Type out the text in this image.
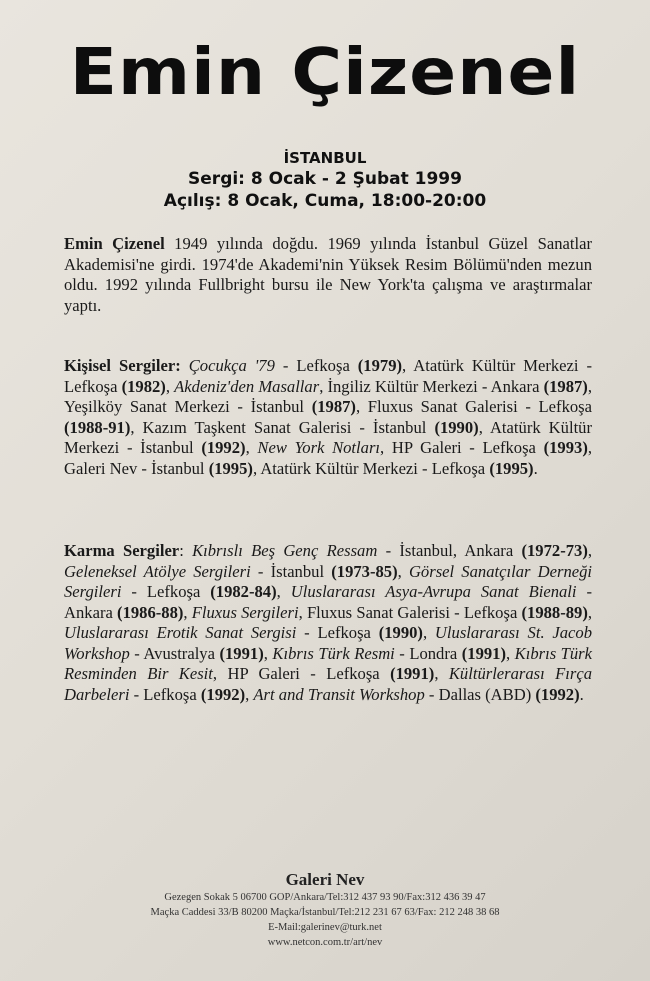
Emin Çizenel
İSTANBUL
Sergi: 8 Ocak - 2 Şubat 1999
Açılış: 8 Ocak, Cuma, 18:00-20:00
Emin Çizenel 1949 yılında doğdu. 1969 yılında İstanbul Güzel Sanatlar Akademisi'ne girdi. 1974'de Akademi'nin Yüksek Resim Bölümü'nden mezun oldu. 1992 yılında Fullbright bursu ile New York'ta çalışma ve araştırmalar yaptı.
Kişisel Sergiler: Çocukça '79 - Lefkoşa (1979), Atatürk Kültür Merkezi - Lefkoşa (1982), Akdeniz'den Masallar, İngiliz Kültür Merkezi - Ankara (1987), Yeşilköy Sanat Merkezi - İstanbul (1987), Fluxus Sanat Galerisi - Lefkoşa (1988-91), Kazım Taşkent Sanat Galerisi - İstanbul (1990), Atatürk Kültür Merkezi - İstanbul (1992), New York Notları, HP Galeri - Lefkoşa (1993), Galeri Nev - İstanbul (1995), Atatürk Kültür Merkezi - Lefkoşa (1995).
Karma Sergiler: Kıbrıslı Beş Genç Ressam - İstanbul, Ankara (1972-73), Geleneksel Atölye Sergileri - İstanbul (1973-85), Görsel Sanatçılar Derneği Sergileri - Lefkoşa (1982-84), Uluslararası Asya-Avrupa Sanat Bienali - Ankara (1986-88), Fluxus Sergileri, Fluxus Sanat Galerisi - Lefkoşa (1988-89), Uluslararası Erotik Sanat Sergisi - Lefkoşa (1990), Uluslararası St. Jacob Workshop - Avustralya (1991), Kıbrıs Türk Resmi - Londra (1991), Kıbrıs Türk Resminden Bir Kesit, HP Galeri - Lefkoşa (1991), Kültürlerarası Fırça Darbeleri - Lefkoşa (1992), Art and Transit Workshop - Dallas (ABD) (1992).
Galeri Nev
Gezegen Sokak 5 06700 GOP/Ankara/Tel:312 437 93 90/Fax:312 436 39 47
Maçka Caddesi 33/B 80200 Maçka/İstanbul/Tel:212 231 67 63/Fax: 212 248 38 68
E-Mail:galerinev@turk.net
www.netcon.com.tr/art/nev
